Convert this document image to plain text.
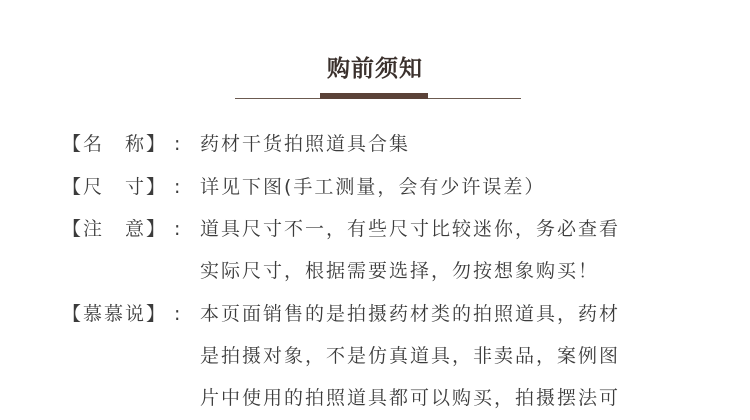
购前须知
【名　称】 : 药材干货拍照道具合集
【尺　寸】 : 详见下图(手工测量，会有少许误差）
【注　意】 : 道具尺寸不一，有些尺寸比较迷你，务必查看
实际尺寸，根据需要选择，勿按想象购买！
【慕慕说】 : 本页面销售的是拍摄药材类的拍照道具，药材
是拍摄对象，不是仿真道具，非卖品，案例图
片中使用的拍照道具都可以购买，拍摄摆法可
